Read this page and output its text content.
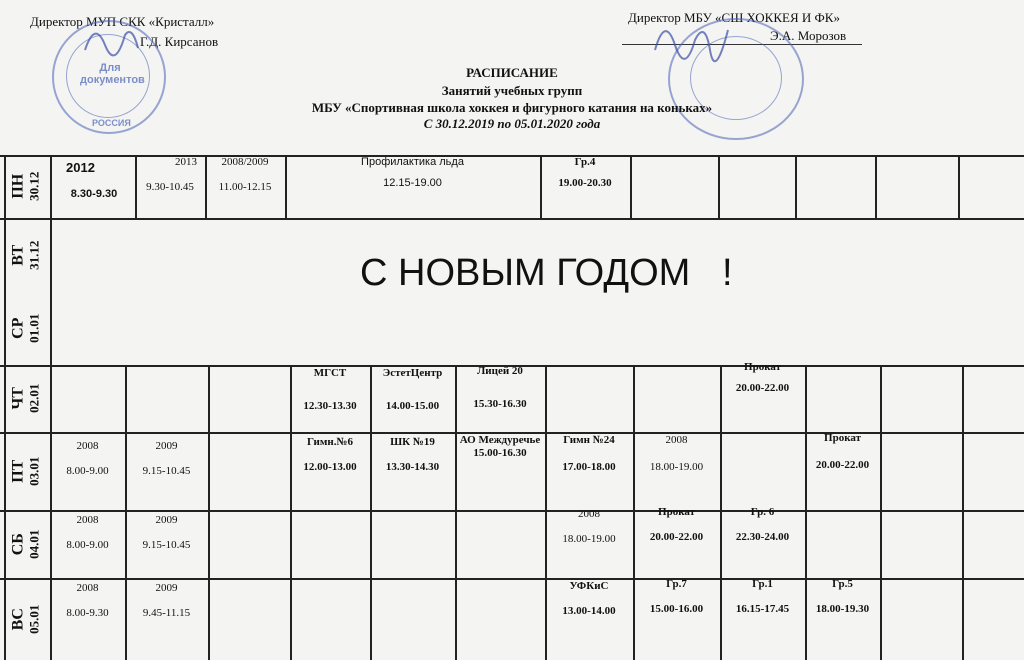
Директор МУП СКК «Кристалл»
Г.Д. Кирсанов
Директор МБУ «СШ ХОККЕЯ И ФК»
Э.А. Морозов
Для документов
РОССИЯ
РАСПИСАНИЕ
Занятий учебных групп
МБУ «Спортивная школа хоккея и фигурного катания на коньках»
С 30.12.2019 по 05.01.2020 года
ПН 30.12
ВТ 31.12
СР 01.01
ЧТ 02.01
ПТ 03.01
СБ 04.01
ВС 05.01
С НОВЫМ ГОДОМ   !
2012
8.30-9.30
2013
9.30-10.45
2008/2009
11.00-12.15
Профилактика льда
12.15-19.00
Гр.4
19.00-20.30
МГСТ
12.30-13.30
ЭстетЦентр
14.00-15.00
Лицей 20
15.30-16.30
Прокат
20.00-22.00
2008
8.00-9.00
2009
9.15-10.45
Гимн.№6
12.00-13.00
ШК №19
13.30-14.30
АО Междуречье
15.00-16.30
Гимн №24
17.00-18.00
2008
18.00-19.00
Прокат
20.00-22.00
2008
8.00-9.00
2009
9.15-10.45
2008
18.00-19.00
Прокат
20.00-22.00
Гр. 6
22.30-24.00
2008
8.00-9.30
2009
9.45-11.15
УФКиС
13.00-14.00
Гр.7
15.00-16.00
Гр.1
16.15-17.45
Гр.5
18.00-19.30
